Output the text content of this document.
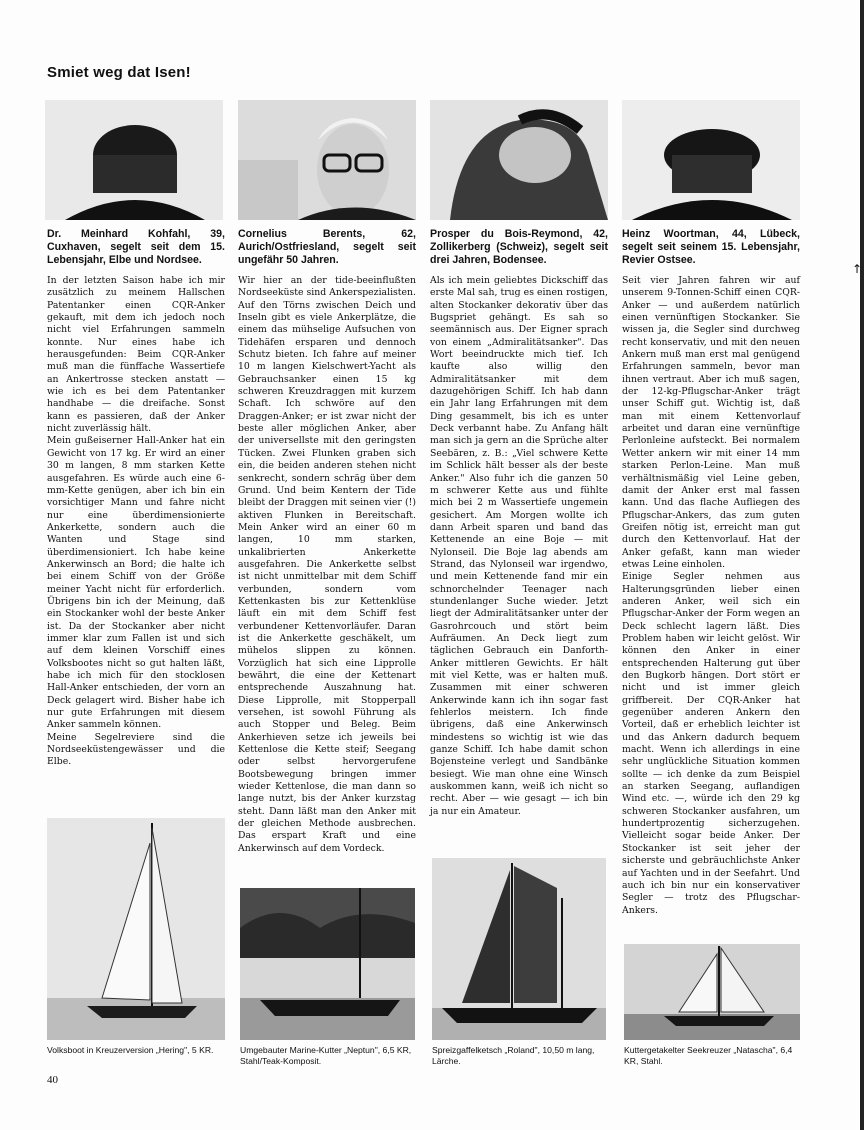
Smiet weg dat Isen!
Dr. Meinhard Kohfahl, 39, Cuxhaven, segelt seit dem 15. Lebensjahr, Elbe und Nordsee.

In der letzten Saison habe ich mir zusätzlich zu meinem Hallschen Patentanker einen CQR-Anker gekauft, mit dem ich jedoch noch nicht viel Erfahrungen sammeln konnte. Nur eines habe ich herausgefunden: Beim CQR-Anker muß man die fünffache Wassertiefe an Ankertrosse stecken anstatt — wie ich es bei dem Patentanker handhabe — die dreifache. Sonst kann es passieren, daß der Anker nicht zuverlässig hält.

Mein gußeiserner Hall-Anker hat ein Gewicht von 17 kg. Er wird an einer 30 m langen, 8 mm starken Kette ausgefahren. Es würde auch eine 6-mm-Kette genügen, aber ich bin ein vorsichtiger Mann und fahre nicht nur eine überdimensionierte Ankerkette, sondern auch die Wanten und Stage sind überdimensioniert. Ich habe keine Ankerwinsch an Bord; die halte ich bei einem Schiff von der Größe meiner Yacht nicht für erforderlich. Übrigens bin ich der Meinung, daß ein Stockanker wohl der beste Anker ist. Da der Stockanker aber nicht immer klar zum Fallen ist und sich auf dem kleinen Vorschiff eines Volksbootes nicht so gut halten läßt, habe ich mich für den stocklosen Hall-Anker entschieden, der vorn an Deck gelagert wird. Bisher habe ich nur gute Erfahrungen mit diesem Anker sammeln können.

Meine Segelreviere sind die Nordseeküstengewässer und die Elbe.

Volksboot in Kreuzerversion „Hering", 5 KR.
Cornelius Berents, 62, Aurich/Ostfriesland, segelt seit ungefähr 50 Jahren.

Wir hier an der tide-beeinflußten Nordseeküste sind Ankerspezialisten. Auf den Törns zwischen Deich und Inseln gibt es viele Ankerplätze, die einem das mühselige Aufsuchen von Tidehäfen ersparen und dennoch Schutz bieten. Ich fahre auf meiner 10 m langen Kielschwert-Yacht als Gebrauchsanker einen 15 kg schweren Kreuzdraggen mit kurzem Schaft. Ich schwöre auf den Draggen-Anker; er ist zwar nicht der beste aller möglichen Anker, aber der universellste mit den geringsten Tücken. Zwei Flunken graben sich ein, die beiden anderen stehen nicht senkrecht, sondern schräg über dem Grund. Und beim Kentern der Tide bleibt der Draggen mit seinen vier (!) aktiven Flunken in Bereitschaft. Mein Anker wird an einer 60 m langen, 10 mm starken, unkalibrierten Ankerkette ausgefahren. Die Ankerkette selbst ist nicht unmittelbar mit dem Schiff verbunden, sondern vom Kettenkasten bis zur Kettenklüse läuft ein mit dem Schiff fest verbundener Kettenvorläufer. Daran ist die Ankerkette geschäkelt, um mühelos slippen zu können. Vorzüglich hat sich eine Lipprolle bewährt, die eine der Kettenart entsprechende Auszahnung hat. Diese Lipprolle, mit Stopperpall versehen, ist sowohl Führung als auch Stopper und Beleg. Beim Ankerhieven setze ich jeweils bei Kettenlose die Kette steif; Seegang oder selbst hervorgerufene Bootsbewegung bringen immer wieder Kettenlose, die man dann so lange nutzt, bis der Anker kurzstag steht. Dann läßt man den Anker mit der gleichen Methode ausbrechen. Das erspart Kraft und eine Ankerwinsch auf dem Vordeck.

Umgebauter Marine-Kutter „Neptun", 6,5 KR, Stahl/Teak-Komposit.
Prosper du Bois-Reymond, 42, Zollikerberg (Schweiz), segelt seit drei Jahren, Bodensee.

Als ich mein geliebtes Dickschiff das erste Mal sah, trug es einen rostigen, alten Stockanker dekorativ über das Bugspriet gehängt. Es sah so seemännisch aus. Der Eigner sprach von einem „Admiralitätsanker". Das Wort beeindruckte mich tief. Ich kaufte also willig den Admiralitätsanker mit dem dazugehörigen Schiff. Ich hab dann ein Jahr lang Erfahrungen mit dem Ding gesammelt, bis ich es unter Deck verbannt habe. Zu Anfang hält man sich ja gern an die Sprüche alter Seebären, z. B.: „Viel schwere Kette im Schlick hält besser als der beste Anker." Also fuhr ich die ganzen 50 m schwerer Kette aus und fühlte mich bei 2 m Wassertiefe ungemein gesichert. Am Morgen wollte ich dann Arbeit sparen und band das Kettenende an eine Boje — mit Nylonseil. Die Boje lag abends am Strand, das Nylonseil war irgendwo, und mein Kettenende fand mir ein schnorchelnder Teenager nach stundenlanger Suche wieder. Jetzt liegt der Admiralitätsanker unter der Gasrohrcouch und stört beim Aufräumen. An Deck liegt zum täglichen Gebrauch ein Danforth-Anker mittleren Gewichts. Er hält mit viel Kette, was er halten muß. Zusammen mit einer schweren Ankerwinde kann ich ihn sogar fast fehlerlos meistern. Ich finde übrigens, daß eine Ankerwinsch mindestens so wichtig ist wie das ganze Schiff. Ich habe damit schon Bojensteine verlegt und Sandbänke besiegt. Wie man ohne eine Winsch auskommen kann, weiß ich nicht so recht. Aber — wie gesagt — ich bin ja nur ein Amateur.

Spreizgaffelketsch „Roland", 10,50 m lang, Lärche.
Heinz Woortman, 44, Lübeck, segelt seit seinem 15. Lebensjahr, Revier Ostsee.

Seit vier Jahren fahren wir auf unserem 9-Tonnen-Schiff einen CQR-Anker — und außerdem natürlich einen vernünftigen Stockanker. Sie wissen ja, die Segler sind durchweg recht konservativ, und mit den neuen Ankern muß man erst mal genügend Erfahrungen sammeln, bevor man ihnen vertraut. Aber ich muß sagen, der 12-kg-Pflugschar-Anker trägt unser Schiff gut. Wichtig ist, daß man mit einem Kettenvorlauf arbeitet und daran eine vernünftige Perlonleine aufsteckt. Bei normalem Wetter ankern wir mit einer 14 mm starken Perlon-Leine. Man muß verhältnismäßig viel Leine geben, damit der Anker erst mal fassen kann. Und das flache Aufliegen des Pflugschar-Ankers, das zum guten Greifen nötig ist, erreicht man gut durch den Kettenvorlauf. Hat der Anker gefaßt, kann man wieder etwas Leine einholen.

Einige Segler nehmen aus Halterungsgründen lieber einen anderen Anker, weil sich ein Pflugschar-Anker der Form wegen an Deck schlecht lagern läßt. Dies Problem haben wir leicht gelöst. Wir können den Anker in einer entsprechenden Halterung gut über den Bugkorb hängen. Dort stört er nicht und ist immer gleich griffbereit. Der CQR-Anker hat gegenüber anderen Ankern den Vorteil, daß er erheblich leichter ist und das Ankern dadurch bequem macht. Wenn ich allerdings in eine sehr unglückliche Situation kommen sollte — ich denke da zum Beispiel an starken Seegang, auflandigen Wind etc. —, würde ich den 29 kg schweren Stockanker ausfahren, um hundertprozentig sicherzugehen. Vielleicht sogar beide Anker. Der Stockanker ist seit jeher der sicherste und gebräuchlichste Anker auf Yachten und in der Seefahrt. Und auch ich bin nur ein konservativer Segler — trotz des Pflugschar-Ankers.

Kuttergetakelter Seekreuzer „Natascha", 6,4 KR, Stahl.
40
↑
